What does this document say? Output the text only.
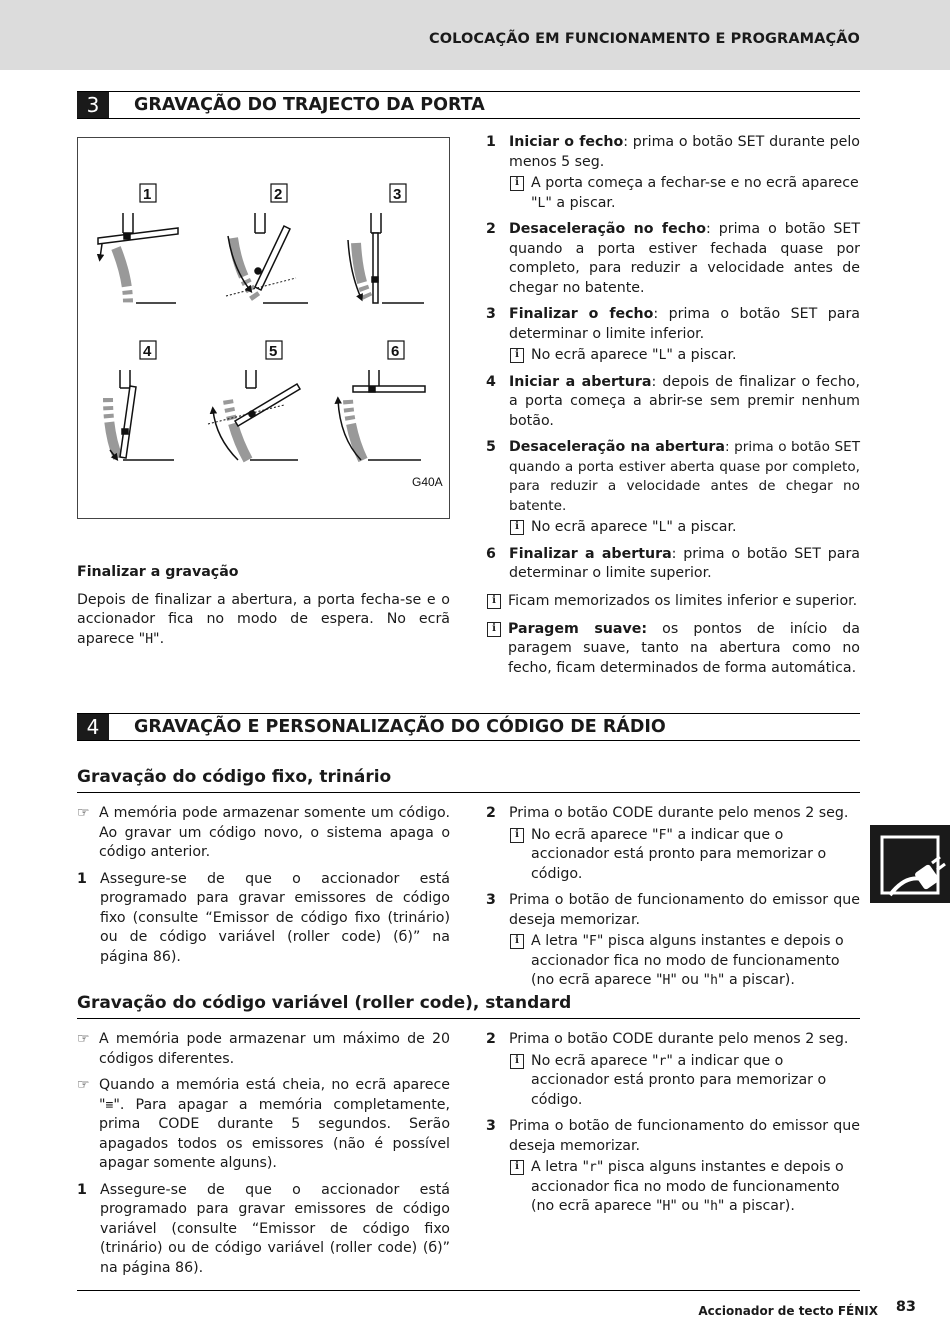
COLOCAÇÃO EM FUNCIONAMENTO E PROGRAMAÇÃO
3	GRAVAÇÃO DO TRAJECTO DA PORTA
1	2	3
4	5	6
G40A
1 Iniciar o fecho: prima o botão SET durante pelo menos 5 seg.
i A porta começa a fechar-se e no ecrã aparece "L" a piscar.
2 Desaceleração no fecho: prima o botão SET quando a porta estiver fechada quase por completo, para reduzir a velocidade antes de chegar no batente.
3 Finalizar o fecho: prima o botão SET para determinar o limite inferior.
i No ecrã aparece "L" a piscar.
4 Iniciar a abertura: depois de finalizar o fecho, a porta começa a abrir-se sem premir nenhum botão.
5 Desaceleração na abertura: prima o botão SET quando a porta estiver aberta quase por completo, para reduzir a velocidade antes de chegar no batente.
i No ecrã aparece "L" a piscar.
6 Finalizar a abertura: prima o botão SET para determinar o limite superior.
Finalizar a gravação
Depois de finalizar a abertura, a porta fecha-se e o accionador fica no modo de espera. No ecrã aparece "H".
i Ficam memorizados os limites inferior e superior.
i Paragem suave: os pontos de início da paragem suave, tanto na abertura como no fecho, ficam determinados de forma automática.
4	GRAVAÇÃO E PERSONALIZAÇÃO DO CÓDIGO DE RÁDIO
Gravação do código fixo, trinário
☞ A memória pode armazenar somente um código. Ao gravar um código novo, o sistema apaga o código anterior.
1 Assegure-se de que o accionador está programado para gravar emissores de código fixo (consulte “Emissor de código fixo (trinário) ou de código variável (roller code) (б)” na página 86).
2 Prima o botão CODE durante pelo menos 2 seg.
i No ecrã aparece "F" a indicar que o accionador está pronto para memorizar o código.
3 Prima o botão de funcionamento do emissor que deseja memorizar.
i A letra "F" pisca alguns instantes e depois o accionador fica no modo de funcionamento (no ecrã aparece "H" ou "h" a piscar).
Gravação do código variável (roller code), standard
☞ A memória pode armazenar um máximo de 20 códigos diferentes.
☞ Quando a memória está cheia, no ecrã aparece "≡". Para apagar a memória completamente, prima CODE durante 5 segundos. Serão apagados todos os emissores (não é possível apagar somente alguns).
1 Assegure-se de que o accionador está programado para gravar emissores de código variável (consulte “Emissor de código fixo (trinário) ou de código variável (roller code) (б)” na página 86).
2 Prima o botão CODE durante pelo menos 2 seg.
i No ecrã aparece "r" a indicar que o accionador está pronto para memorizar o código.
3 Prima o botão de funcionamento do emissor que deseja memorizar.
i A letra "r" pisca alguns instantes e depois o accionador fica no modo de funcionamento (no ecrã aparece "H" ou "h" a piscar).
Accionador de tecto FÉNIX 83
